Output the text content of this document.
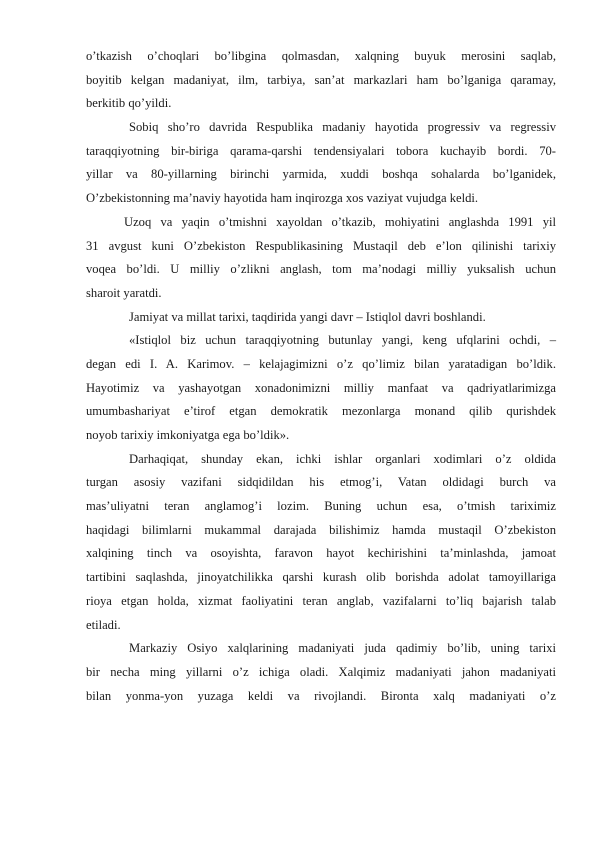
o’tkazish o’choqlari bo’libgina qolmasdan, xalqning buyuk merosini saqlab,
boyitib kelgan madaniyat, ilm, tarbiya, san’at markazlari ham bo’lganiga qaramay,
berkitib qo’yildi.
Sobiq sho’ro davrida Respublika madaniy hayotida progressiv va regressiv
taraqqiyotning bir-biriga qarama-qarshi tendensiyalari tobora kuchayib bordi. 70-
yillar va 80-yillarning birinchi yarmida, xuddi boshqa sohalarda bo’lganidek,
O’zbekistonning ma’naviy hayotida ham inqirozga xos vaziyat vujudga keldi.
Uzoq va yaqin o’tmishni xayoldan o’tkazib, mohiyatini anglashda 1991 yil
31 avgust kuni O’zbekiston Respublikasining Mustaqil deb e’lon qilinishi tarixiy
voqea bo’ldi. U milliy o’zlikni anglash, tom ma’nodagi milliy yuksalish uchun
sharoit yaratdi.
Jamiyat va millat tarixi, taqdirida yangi davr – Istiqlol davri boshlandi.
«Istiqlol biz uchun taraqqiyotning butunlay yangi, keng ufqlarini ochdi, –
degan edi I. A. Karimov. – kelajagimizni o’z qo’limiz bilan yaratadigan bo’ldik.
Hayotimiz va yashayotgan xonadonimizni milliy manfaat va qadriyatlarimizga
umumbashariyat e’tirof etgan demokratik mezonlarga monand qilib qurishdek
noyob tarixiy imkoniyatga ega bo’ldik».
Darhaqiqat, shunday ekan, ichki ishlar organlari xodimlari o’z oldida
turgan asosiy vazifani sidqidildan his etmog’i, Vatan oldidagi burch va
mas’uliyatni teran anglamog’i lozim. Buning uchun esa, o’tmish tariximiz
haqidagi bilimlarni mukammal darajada bilishimiz hamda mustaqil O’zbekiston
xalqining tinch va osoyishta, faravon hayot kechirishini ta’minlashda, jamoat
tartibini saqlashda, jinoyatchilikka qarshi kurash olib borishda adolat tamoyillariga
rioya etgan holda, xizmat faoliyatini teran anglab, vazifalarni to’liq bajarish talab
etiladi.
Markaziy Osiyo xalqlarining madaniyati juda qadimiy bo’lib, uning tarixi
bir necha ming yillarni o’z ichiga oladi. Xalqimiz madaniyati jahon madaniyati
bilan yonma-yon yuzaga keldi va rivojlandi. Bironta xalq madaniyati o’z
